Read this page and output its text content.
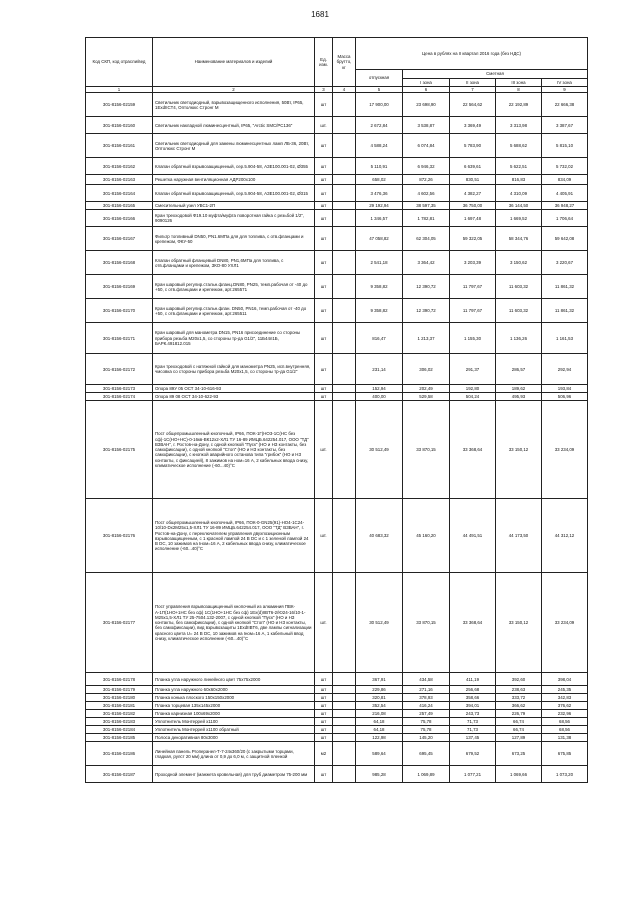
1681
Код СКП, код отрасли/вед	Наименование материалов и изделий	Ед. изм.	Масса брутто, кг	Цена в рублях на II квартал 2016 года (без НДС)				
				отпускная	Сметная			
					I зона	II зона	III зона	IV зона
1	2	3	4	5	6	7	8	9
301-8156-02159	Светильник светодиодный, взрывозащищенного исполнения, 50Вт, IP65, 1ExdIICT4, Оптолюкс Стронг М	шт		17 900,00	23 698,90	22 564,62	22 192,89	22 666,38
301-8156-02160	Светильник накладной люминесцентный, IP65, "Arctic SMC/PC136"	шт.		2 672,84	3 538,87	3 369,49	3 313,98	3 387,67
301-8156-02161	Светильник светодиодный для замены люминесцентных ламп ЛБ-36, 20Вт, Оптолюкс Стронг М	шт		4 588,24	6 074,84	5 783,90	5 688,62	5 815,10
301-8156-02162	Клапан обратный взрывозащищенный, сер.5.904-58, АЗЕ100.001-02, Ø355	шт		5 110,91	6 946,32	6 639,61	5 622,51	5 732,02
301-8156-02163	Решетка наружная вентиляционная АДР200х100	шт		658,02	872,26	830,51	816,83	834,09
301-8156-02164	Клапан обратный взрывозащищенный, сер.5.904-58, АЗЕ100.001-02, Ø315	шт		3 476,36	4 602,56	4 382,27	4 310,09	4 405,91
301-8156-02165	Смесительный узел УВС1-2П	шт		29 192,94	38 597,35	36 750,00	36 144,50	36 948,27
301-8156-02166	Кран трехходовой Ф19.10 муфта/муфта поворотная гайка с резьбой 1/2", 9090126	шт		1 346,57	1 782,81	1 697,48	1 669,52	1 706,64
301-8156-02167	Фильтр топливный DN50, PN1.6МПа для для топлива, с отв.фланцами и крепежом, ФКУ-50	шт		47 058,82	62 304,05	59 322,05	58 344,76	59 642,08
301-8156-02168	Клапан обратный фланцевый DN80, PN1,6МПа для топлива, с отв.фланцами и крепежом, ЗКО-80 УХЛ1	шт		2 541,18	3 364,42	3 203,39	3 150,62	3 220,67
301-8156-02169	Кран шаровый регулир.стальн.фланц.DN80, PN25, темп.рабочая от -40 до +50, с отв.фланцами и крепежом, арт.265571	шт		9 358,82	12 390,72	11 797,67	11 603,32	11 861,32
301-8156-02170	Кран шаровый регулир.стальн.флан. DN50, PN16, темп.рабочая от -40 до +50, с отв.фланцами и крепежом, арт.265511	шт		9 358,82	12 390,72	11 797,67	11 603,32	11 861,32
301-8156-02171	Кран шаровый для манометра DN15, PN16 присоединение со стороны прибора резьба M20x1,5, со стороны тр-да G1/2", 11Б44п1Б, БАРК.491812.015	шт		816,47	1 213,37	1 155,30	1 136,26	1 161,53
301-8156-02172	Кран трехходовой с натяжной гайкой для манометра PN25, исп.внутренняя, чмсовка со стороны прибора резьба M20x1,5, со стороны тр-да G1/2"	шт		231,14	306,02	291,37	286,57	292,94
301-8156-02173	Опора 89У 05 ОСТ 34-10-616-93	шт		152,94	202,49	192,80	189,62	193,84
301-8156-02174	Опора 89 08 ОСТ 34-10-622-93	шт		400,00	529,58	504,24	495,93	506,96
301-8156-02175	Пост общепромышленный кнопочный, IP66, ПОК-1Г(НО3-1С(НС без сф)-1С(НО+НС)-0-16кв-ВК12х2-ХЛ1 ТУ 16-89 ИМЦБ.642254.017, ООО "ТД" ВЗВАН", г. Ростов-на-Дону, с одной кнопкой "Пуск" (НО и НЗ контакты, без самофиксации), с одной кнопкой "Стоп" (НО и НЗ контакты, без самофиксации), с кнопкой аварийного останова типа "грибок" (НО и НЗ контакты, с фиксацией), 8 зажимов на ном=16 А, 2 кабельных ввода снизу, климатическое исполнение (-60...40)°С	шт.		30 512,49	33 870,15	33 368,64	33 150,12	33 234,09
301-8156-02176	Пост общепромышленный кнопочный, IP66, ПОК-0-GN25(91)-НО4-1С24-10/10-Dx2М25х1,5-ХЛ1 ТУ 16-89 ИМЦБ.642254.017, ООО "ТД" ВЗВАН", г. Ростов-на-Дону, с переключателем управления двухпозиционным взрывозащищенным, с 1 красной лампой 24 В DC и с 1 зеленой лампой 24 В DC, 10 зажимов на Iном=16 А, 2 кабельных ввода снизу, климатическое исполнение (-60...40)°С	шт.		40 683,32	45 160,20	44 491,51	44 173,50	44 312,12
301-8156-02177	Пост управления взрывозащищенный кнопочный из алюминия ПВК-А-1П(1НО+1НС без сф) 1С(1НО+1НС без сф) 1Ex(d)IIBT6-2/Ю24-16/10-1-М25х1,5-ХЛ1 ТУ 25-7504.132-2007, с одной кнопкой "Пуск" (НО и НЗ контакты, без самофиксации), с одной кнопкой "Стоп" (НО и НЗ контакты, без самофиксации), вид взрывозащиты 1ExdIIBT6, две лампы сигнализации красного цвета U= 24 В DC, 10 зажимов на Iном=16 А, 1 кабельный ввод снизу, климатическое исполнение (-60...40)°С	шт.		30 512,49	33 870,15	33 368,64	33 150,12	33 234,09
301-8156-02178	Планка угла наружного линейного цвет 75х75х2000	шт		367,91	434,58	411,19	392,60	398,04
301-8156-02179	Планка угла наружного 60х60х2000	шт		229,86	271,16	256,68	238,63	245,35
301-8156-02180	Планка конька плоского 150х150х2000	шт		320,81	378,93	358,66	333,72	342,83
301-8156-02181	Планка торцевая 135х145х2000	шт		352,54	416,24	394,01	366,62	376,62
301-8156-02182	Планка карнизная 100х69х2000	шт		216,08	257,49	243,73	226,79	232,96
301-8156-02183	Уплотнитель Монтеррей х1100	шт		64,18	75,78	71,73	66,74	68,56
301-8156-02184	Уплотнитель Монтеррей х1100 обратный	шт		64,18	75,78	71,73	66,74	68,56
301-8156-02185	Полоса декоративная 80х3000	шт		122,98	145,20	137,45	127,89	131,38
301-8156-02186	Линейная панель Ргоперанел-Т-7-24к360/20 (с закрытыми торцами, гладкая, рулст 20 мм) длина от 0,9 до 6,0 м, с защитной пленкой	м2		589,64	695,45	679,52	673,25	675,85
301-8156-02187	Проходной элемент (манжета кровельная) для труб диаметром 75-200 мм	шт		985,28	1 069,89	1 077,21	1 069,66	1 073,20
